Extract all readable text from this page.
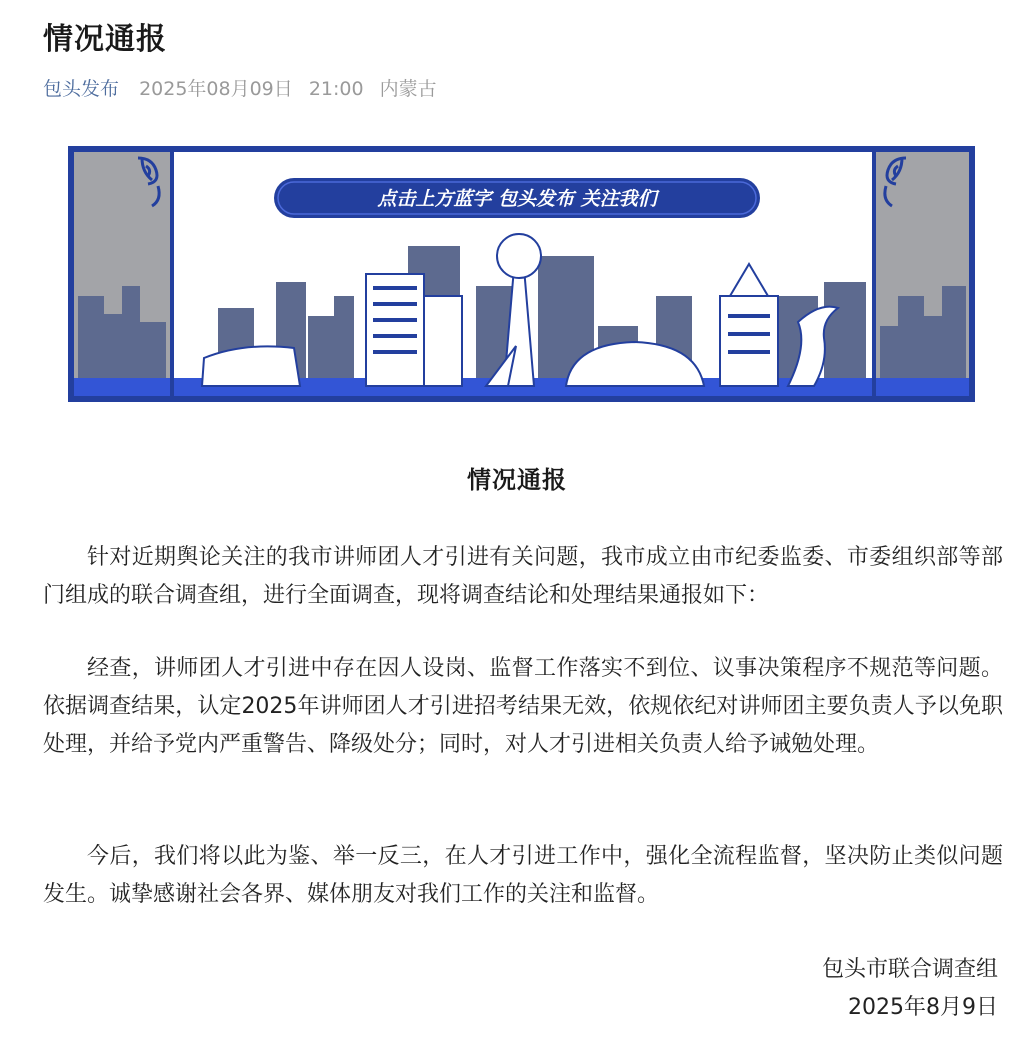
情况通报
包头发布 2025年08月09日 21:00 内蒙古
点击上方蓝字 包头发布 关注我们
情况通报

针对近期舆论关注的我市讲师团人才引进有关问题，我市成立由市纪委监委、市委组织部等部门组成的联合调查组，进行全面调查，现将调查结论和处理结果通报如下：

经查，讲师团人才引进中存在因人设岗、监督工作落实不到位、议事决策程序不规范等问题。依据调查结果，认定2025年讲师团人才引进招考结果无效，依规依纪对讲师团主要负责人予以免职处理，并给予党内严重警告、降级处分；同时，对人才引进相关负责人给予诫勉处理。

今后，我们将以此为鉴、举一反三，在人才引进工作中，强化全流程监督，坚决防止类似问题发生。诚挚感谢社会各界、媒体朋友对我们工作的关注和监督。

包头市联合调查组
2025年8月9日
